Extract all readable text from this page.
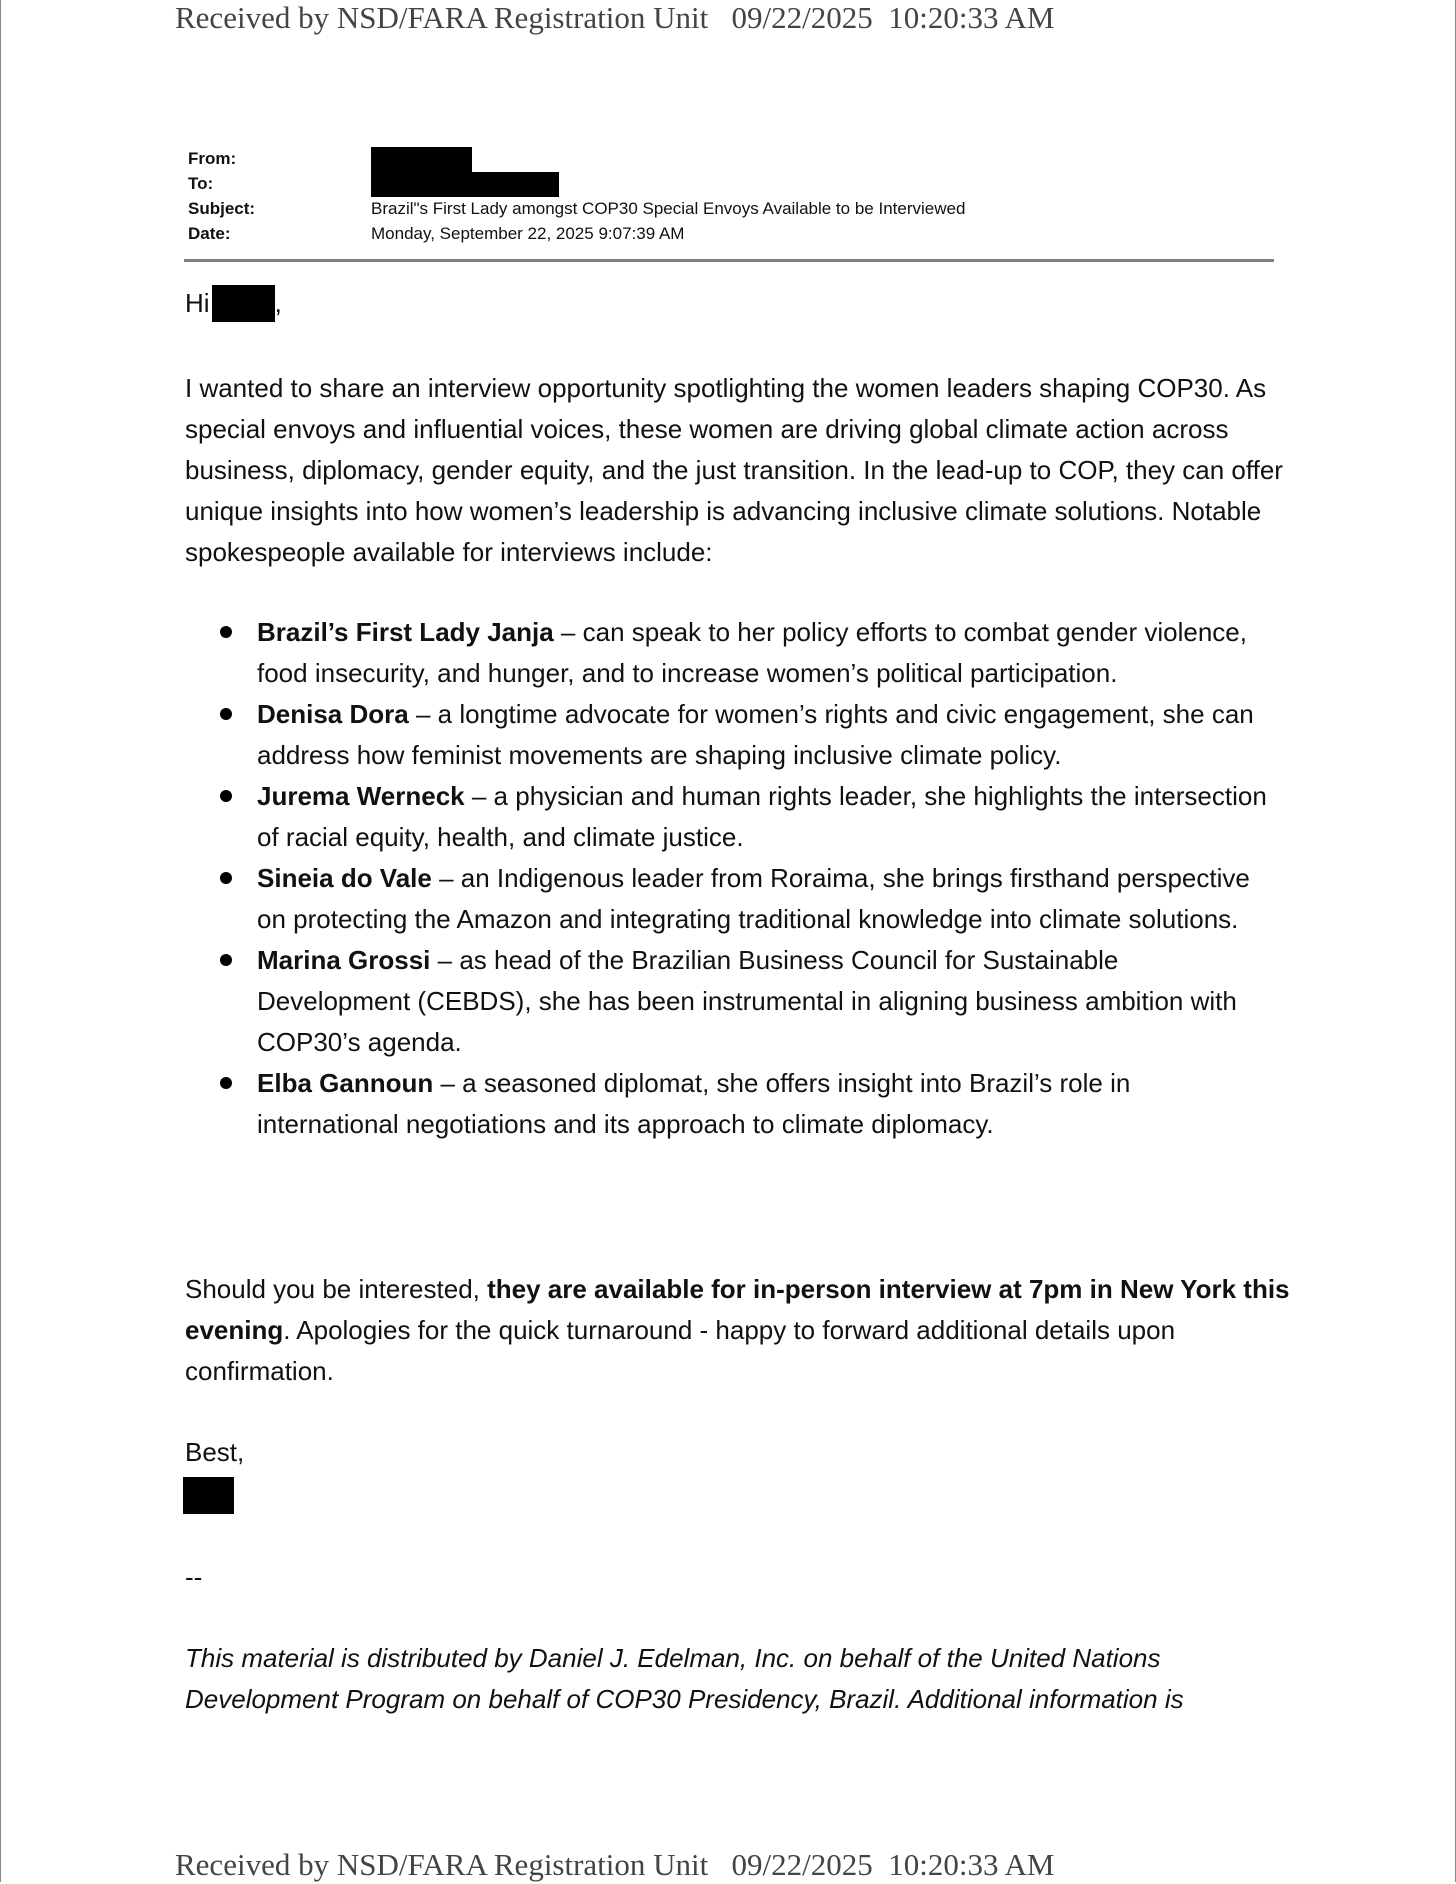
Received by NSD/FARA Registration Unit   09/22/2025  10:20:33 AM
From:
To:
Subject:	Brazil"s First Lady amongst COP30 Special Envoys Available to be Interviewed
Date:	Monday, September 22, 2025 9:07:39 AM
Hi	,
I wanted to share an interview opportunity spotlighting the women leaders shaping COP30. As special envoys and influential voices, these women are driving global climate action across business, diplomacy, gender equity, and the just transition. In the lead-up to COP, they can offer unique insights into how women’s leadership is advancing inclusive climate solutions. Notable spokespeople available for interviews include:
Brazil’s First Lady Janja – can speak to her policy efforts to combat gender violence, food insecurity, and hunger, and to increase women’s political participation.
Denisa Dora – a longtime advocate for women’s rights and civic engagement, she can address how feminist movements are shaping inclusive climate policy.
Jurema Werneck – a physician and human rights leader, she highlights the intersection of racial equity, health, and climate justice.
Sineia do Vale – an Indigenous leader from Roraima, she brings firsthand perspective on protecting the Amazon and integrating traditional knowledge into climate solutions.
Marina Grossi – as head of the Brazilian Business Council for Sustainable Development (CEBDS), she has been instrumental in aligning business ambition with COP30’s agenda.
Elba Gannoun – a seasoned diplomat, she offers insight into Brazil’s role in international negotiations and its approach to climate diplomacy.
Should you be interested, they are available for in-person interview at 7pm in New York this evening. Apologies for the quick turnaround - happy to forward additional details upon confirmation.
Best,
--
This material is distributed by Daniel J. Edelman, Inc. on behalf of the United Nations Development Program on behalf of COP30 Presidency, Brazil. Additional information is
Received by NSD/FARA Registration Unit   09/22/2025  10:20:33 AM
